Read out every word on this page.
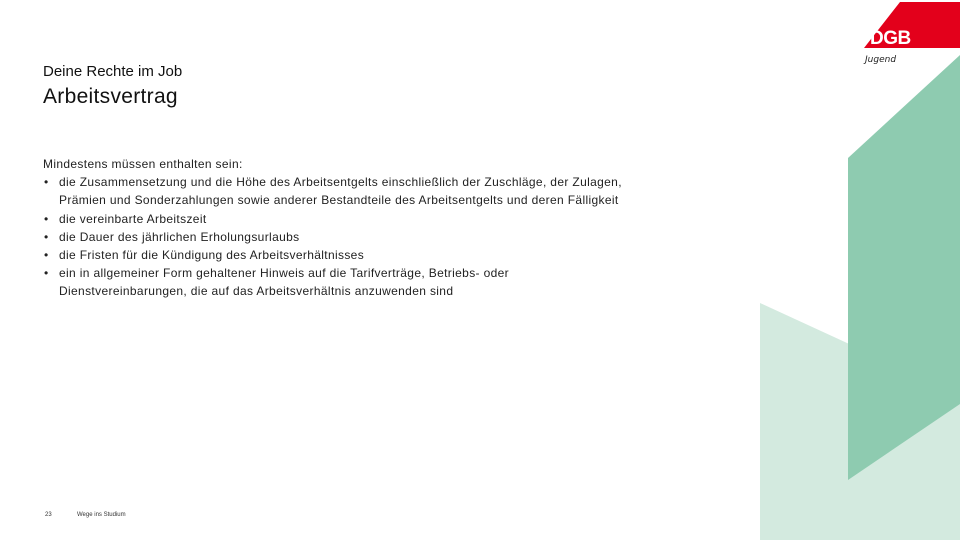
DGB
Jugend
Deine Rechte im Job
Arbeitsvertrag

Mindestens müssen enthalten sein:

• die Zusammensetzung und die Höhe des Arbeitsentgelts einschließlich der Zuschläge, der Zulagen, Prämien und Sonderzahlungen sowie anderer Bestandteile des Arbeitsentgelts und deren Fälligkeit
• die vereinbarte Arbeitszeit
• die Dauer des jährlichen Erholungsurlaubs
• die Fristen für die Kündigung des Arbeitsverhältnisses
• ein in allgemeiner Form gehaltener Hinweis auf die Tarifverträge, Betriebs- oder Dienstvereinbarungen, die auf das Arbeitsverhältnis anzuwenden sind
23	Wege ins Studium
